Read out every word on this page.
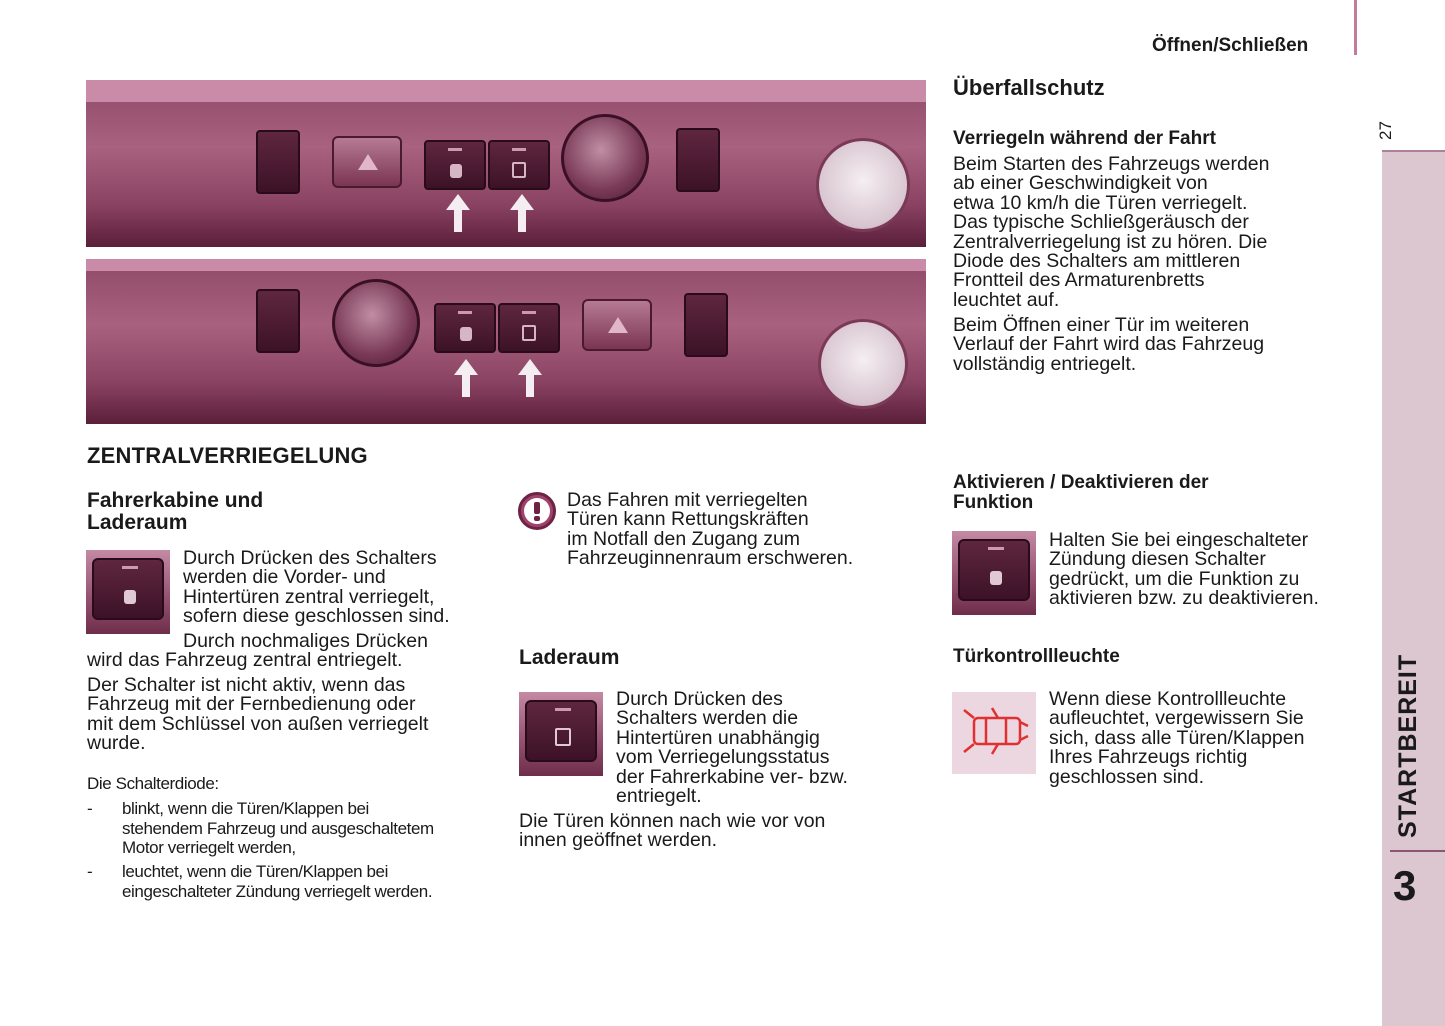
Öffnen/Schließen
27
STARTBEREIT
3
ZENTRALVERRIEGELUNG
Fahrerkabine und
Laderaum
Durch Drücken des Schalters
werden die Vorder- und
Hintertüren zentral verriegelt,
sofern diese geschlossen sind.
Durch nochmaliges Drücken
wird das Fahrzeug zentral entriegelt.
Der Schalter ist nicht aktiv, wenn das
Fahrzeug mit der Fernbedienung oder
mit dem Schlüssel von außen verriegelt
wurde.
Die Schalterdiode:
- blinkt, wenn die Türen/Klappen bei
stehendem Fahrzeug und ausgeschaltetem
Motor verriegelt werden,
- leuchtet, wenn die Türen/Klappen bei
eingeschalteter Zündung verriegelt werden.
Das Fahren mit verriegelten
Türen kann Rettungskräften
im Notfall den Zugang zum
Fahrzeuginnenraum erschweren.
Laderaum
Durch Drücken des
Schalters werden die
Hintertüren unabhängig
vom Verriegelungsstatus
der Fahrerkabine ver- bzw.
entriegelt.
Die Türen können nach wie vor von
innen geöffnet werden.
Überfallschutz
Verriegeln während der Fahrt
Beim Starten des Fahrzeugs werden
ab einer Geschwindigkeit von
etwa 10 km/h die Türen verriegelt.
Das typische Schließgeräusch der
Zentralverriegelung ist zu hören. Die
Diode des Schalters am mittleren
Frontteil des Armaturenbretts
leuchtet auf.
Beim Öffnen einer Tür im weiteren
Verlauf der Fahrt wird das Fahrzeug
vollständig entriegelt.
Aktivieren / Deaktivieren der
Funktion
Halten Sie bei eingeschalteter
Zündung diesen Schalter
gedrückt, um die Funktion zu
aktivieren bzw. zu deaktivieren.
Türkontrollleuchte
Wenn diese Kontrollleuchte
aufleuchtet, vergewissern Sie
sich, dass alle Türen/Klappen
Ihres Fahrzeugs richtig
geschlossen sind.
